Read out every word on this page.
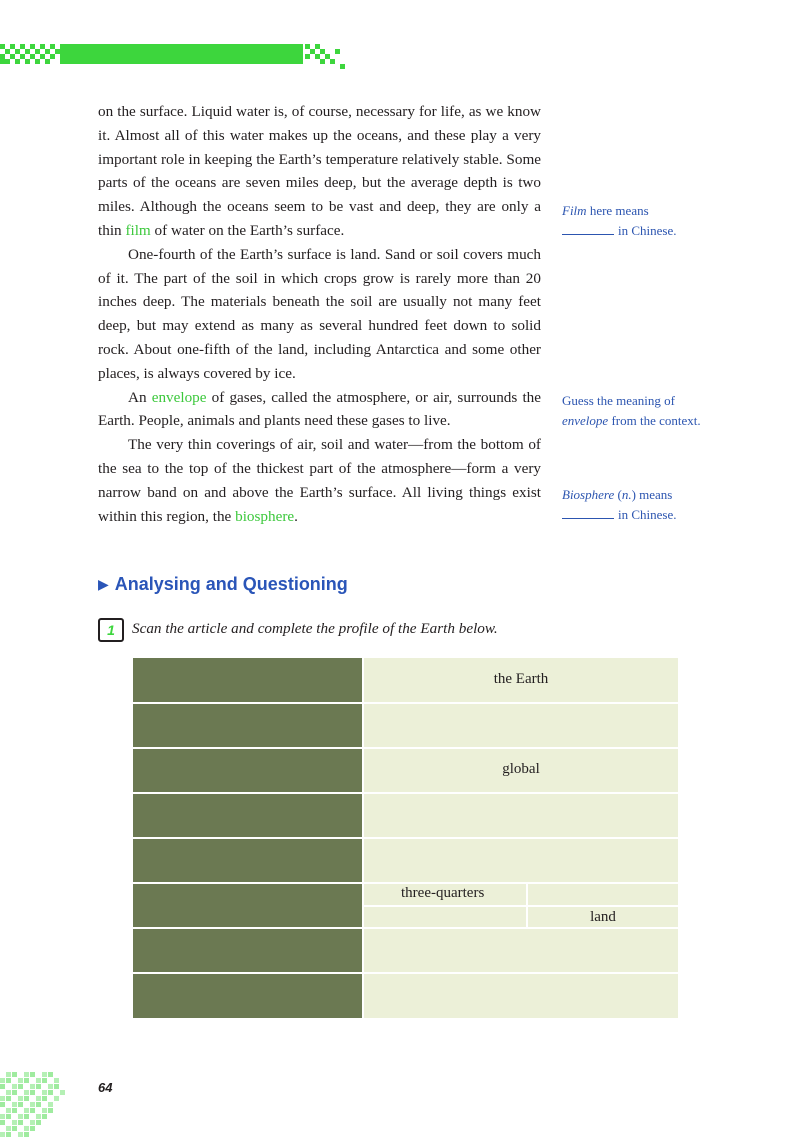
on the surface. Liquid water is, of course, necessary for life, as we know it. Almost all of this water makes up the oceans, and these play a very important role in keeping the Earth’s temperature relatively stable. Some parts of the oceans are seven miles deep, but the average depth is two miles. Although the oceans seem to be vast and deep, they are only a thin film of water on the Earth’s surface.

One-fourth of the Earth’s surface is land. Sand or soil covers much of it. The part of the soil in which crops grow is rarely more than 20 inches deep. The materials beneath the soil are usually not many feet deep, but may extend as many as several hundred feet down to solid rock. About one-fifth of the land, including Antarctica and some other places, is always covered by ice.

An envelope of gases, called the atmosphere, or air, surrounds the Earth. People, animals and plants need these gases to live.

The very thin coverings of air, soil and water—from the bottom of the sea to the top of the thickest part of the atmosphere—form a very narrow band on and above the Earth’s surface. All living things exist within this region, the biosphere.

Film here means
in Chinese.
Guess the meaning of
envelope from the context.
Biosphere (n.) means
in Chinese.
▶ Analysing and Questioning
1	Scan the article and complete the profile of the Earth below.
the Earth
global
three-quarters
land
64
